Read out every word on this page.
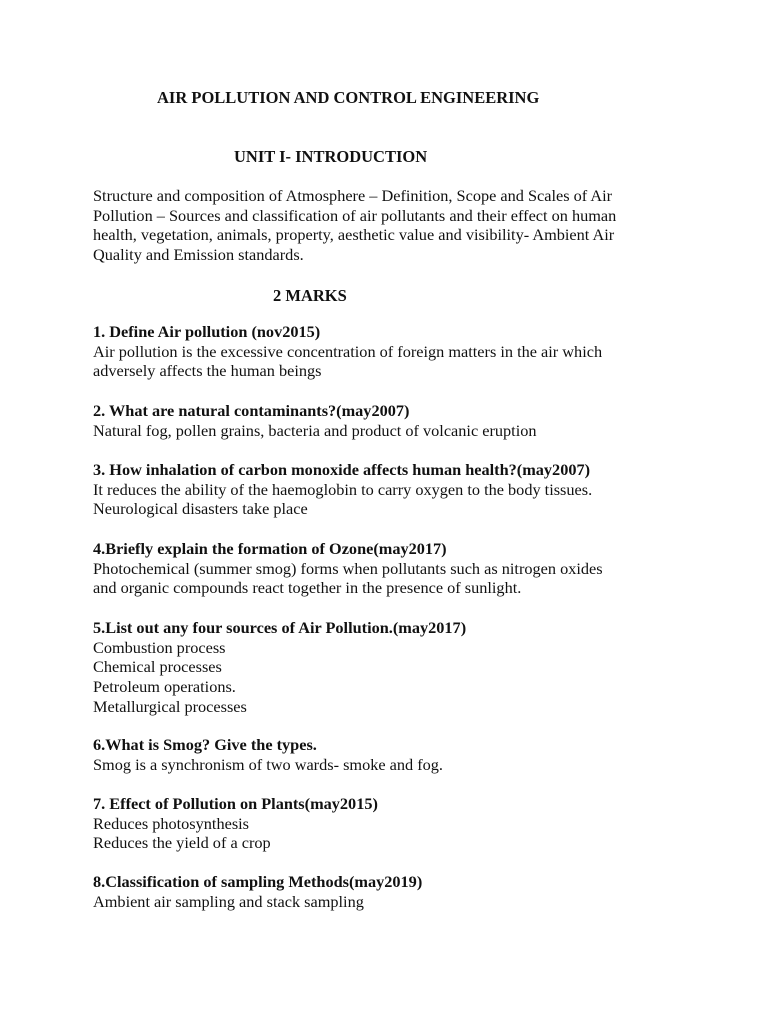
AIR POLLUTION AND CONTROL ENGINEERING
UNIT I- INTRODUCTION
Structure and composition of Atmosphere – Definition, Scope and Scales of Air
Pollution – Sources and classification of air pollutants and their effect on human
health, vegetation, animals, property, aesthetic value and visibility- Ambient Air
Quality and Emission standards.
2 MARKS
1. Define Air pollution (nov2015)
Air pollution is the excessive concentration of foreign matters in the air which
adversely affects the human beings
2. What are natural contaminants?(may2007)
Natural fog, pollen grains, bacteria and product of volcanic eruption
3. How inhalation of carbon monoxide affects human health?(may2007)
It reduces the ability of the haemoglobin to carry oxygen to the body tissues.
Neurological disasters take place
4.Briefly explain the formation of Ozone(may2017)
Photochemical (summer smog) forms when pollutants such as nitrogen oxides
and organic compounds react together in the presence of sunlight.
5.List out any four sources of Air Pollution.(may2017)
Combustion process
Chemical processes
Petroleum operations.
Metallurgical processes
6.What is Smog? Give the types.
Smog is a synchronism of two wards- smoke and fog.
7. Effect of Pollution on Plants(may2015)
Reduces photosynthesis
Reduces the yield of a crop
8.Classification of sampling Methods(may2019)
Ambient air sampling and stack sampling
